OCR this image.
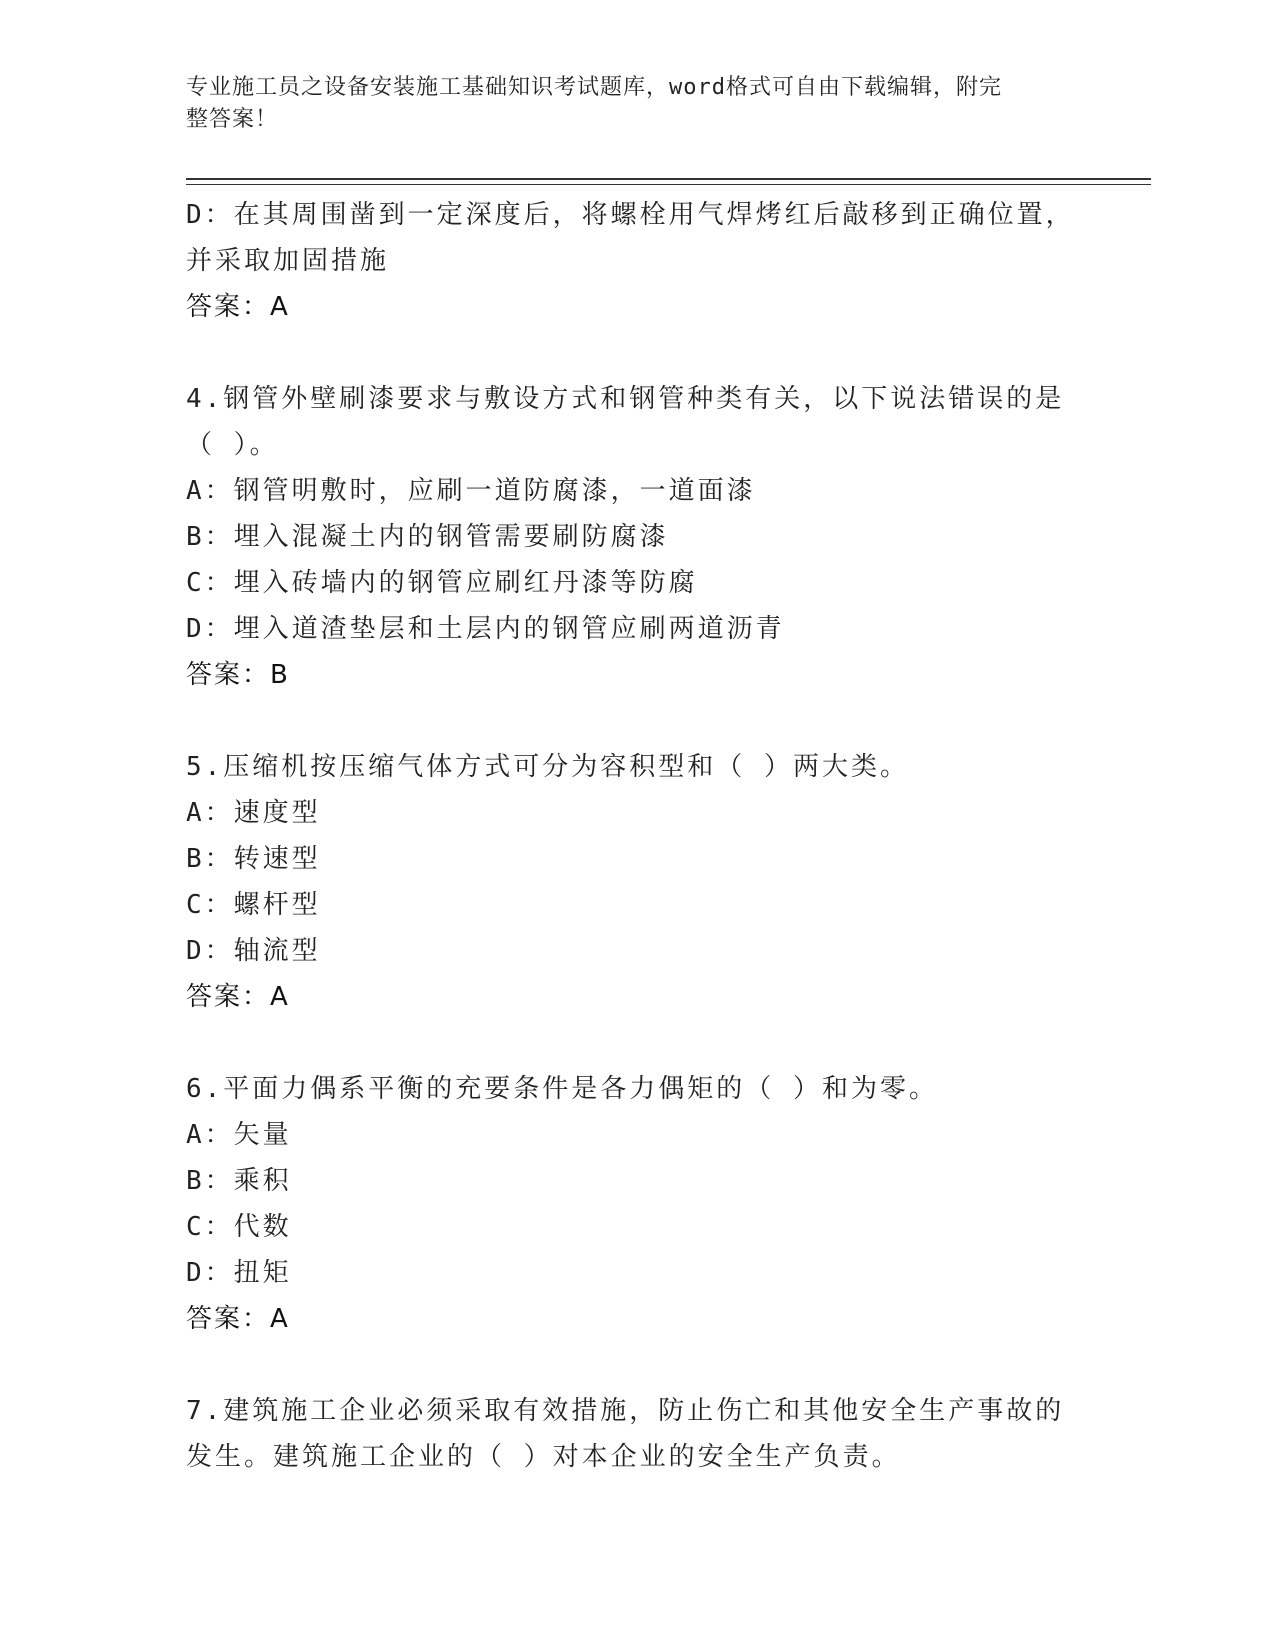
专业施工员之设备安装施工基础知识考试题库，word格式可自由下载编辑，附完
整答案！
D：在其周围凿到一定深度后，将螺栓用气焊烤红后敲移到正确位置，
并采取加固措施
答案：A
4.钢管外壁刷漆要求与敷设方式和钢管种类有关，以下说法错误的是
（ ）。
A：钢管明敷时，应刷一道防腐漆，一道面漆
B：埋入混凝土内的钢管需要刷防腐漆
C：埋入砖墙内的钢管应刷红丹漆等防腐
D：埋入道渣垫层和土层内的钢管应刷两道沥青
答案：B
5.压缩机按压缩气体方式可分为容积型和（ ）两大类。
A：速度型
B：转速型
C：螺杆型
D：轴流型
答案：A
6.平面力偶系平衡的充要条件是各力偶矩的（ ）和为零。
A：矢量
B：乘积
C：代数
D：扭矩
答案：A
7.建筑施工企业必须采取有效措施，防止伤亡和其他安全生产事故的
发生。建筑施工企业的（ ）对本企业的安全生产负责。
